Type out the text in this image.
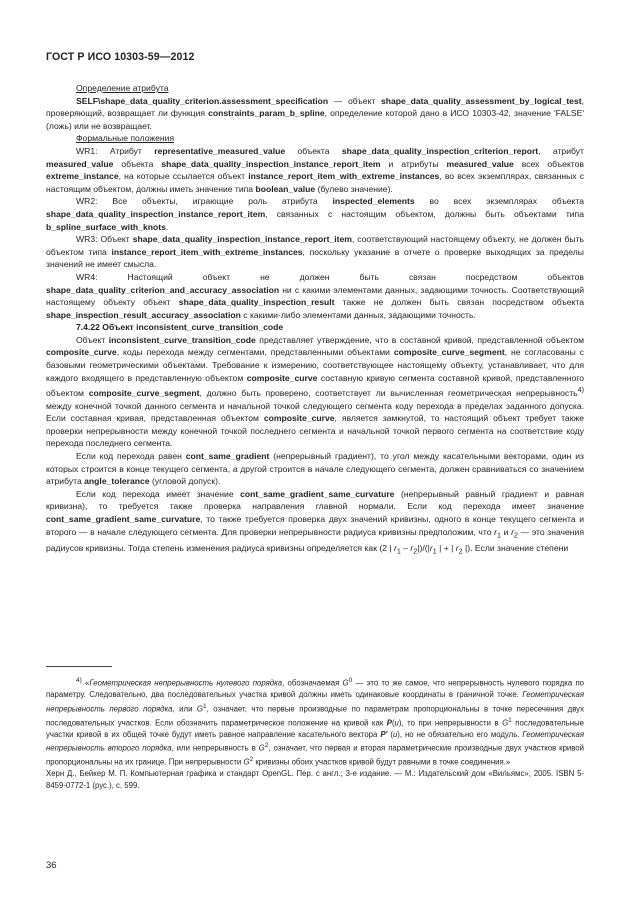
ГОСТ Р ИСО 10303-59—2012

Определение атрибута

SELF\shape_data_quality_criterion.assessment_specification — объект shape_data_quality_assessment_by_logical_test, проверяющий, возвращает ли функция constraints_param_b_spline, определение которой дано в ИСО 10303-42, значение 'FALSE' (ложь) или не возвращает.

Формальные положения

WR1: Атрибут representative_measured_value объекта shape_data_quality_inspection_criterion_report, атрибут measured_value объекта shape_data_quality_inspection_instance_report_item и атрибуты measured_value всех объектов extreme_instance, на которые ссылается объект instance_report_item_with_extreme_instances, во всех экземплярах, связанных с настоящим объектом, должны иметь значение типа boolean_value (булево значение).

WR2: Все объекты, играющие роль атрибута inspected_elements во всех экземплярах объекта shape_data_quality_inspection_instance_report_item, связанных с настоящим объектом, должны быть объектами типа b_spline_surface_with_knots.

WR3: Объект shape_data_quality_inspection_instance_report_item, соответствующий настоящему объекту, не должен быть объектом типа instance_report_item_with_extreme_instances, поскольку указание в отчете о проверке выходящих за пределы значений не имеет смысла.

WR4: Настоящий объект не должен быть связан посредством объектов shape_data_quality_criterion_and_accuracy_association ни с какими элементами данных, задающими точность. Соответствующий настоящему объекту объект shape_data_quality_inspection_result также не должен быть связан посредством объекта shape_inspection_result_accuracy_association с какими-либо элементами данных, задающими точность.

7.4.22 Объект inconsistent_curve_transition_code

Объект inconsistent_curve_transition_code представляет утверждение, что в составной кривой, представленной объектом composite_curve, коды перехода между сегментами, представленными объектами composite_curve_segment, не согласованы с базовыми геометрическими объектами. Требование к измерению, соответствующее настоящему объекту, устанавливает, что для каждого входящего в представленную объектом composite_curve составную кривую сегмента составной кривой, представленного объектом composite_curve_segment, должно быть проверено, соответствует ли вычисленная геометрическая непрерывность$^{4)}$ между конечной точкой данного сегмента и начальной точкой следующего сегмента коду перехода в пределах заданного допуска. Если составная кривая, представленная объектом composite_curve, является замкнутой, то настоящий объект требует также проверки непрерывности между конечной точкой последнего сегмента и начальной точкой первого сегмента на соответствие коду перехода последнего сегмента.

Если код перехода равен cont_same_gradient (непрерывный градиент), то угол между касательными векторами, один из которых строится в конце текущего сегмента, а другой строится в начале следующего сегмента, должен сравниваться со значением атрибута angle_tolerance (угловой допуск).

Если код перехода имеет значение cont_same_gradient_same_curvature (непрерывный равный градиент и равная кривизна), то требуется также проверка направления главной нормали. Если код перехода имеет значение cont_same_gradient_same_curvature, то также требуется проверка двух значений кривизны, одного в конце текущего сегмента и второго — в начале следующего сегмента. Для проверки непрерывности радиуса кривизны предположим, что $r_1$ и $r_2$ — это значения радиусов кривизны. Тогда степень изменения радиуса кривизны определяется как (2 | $r_1 - r_2|)/(|r_1$ | + | $r_2$ |). Если значение степени

$^{4)}$ «Геометрическая непрерывность нулевого порядка, обозначаемая $G^0$ — это то же самое, что непрерывность нулевого порядка по параметру. Следовательно, два последовательных участка кривой должны иметь одинаковые координаты в граничной точке. Геометрическая непрерывность первого порядка, или $G^1$, означает, что первые производные по параметрам пропорциональны в точке пересечения двух последовательных участков. Если обозначить параметрическое положение на кривой как P(u), то при непрерывности в $G^1$ последовательные участки кривой в их общей точке будут иметь равное направление касательного вектора P' (u), но не обязательно его модуль. Геометрическая непрерывность второго порядка, или непрерывность в $G^2$, означает, что первая и вторая параметрические производные двух участков кривой пропорциональны на их границе. При непрерывности $G^2$ кривизны обоих участков кривой будут равными в точке соединения.»

Херн Д., Бейкер М. П. Компьютерная графика и стандарт OpenGL. Пер. с англ.; 3-е издание. — М.: Издательский дом «Вильямс», 2005. ISBN 5-8459-0772-1 (рус.), с. 599.

36
